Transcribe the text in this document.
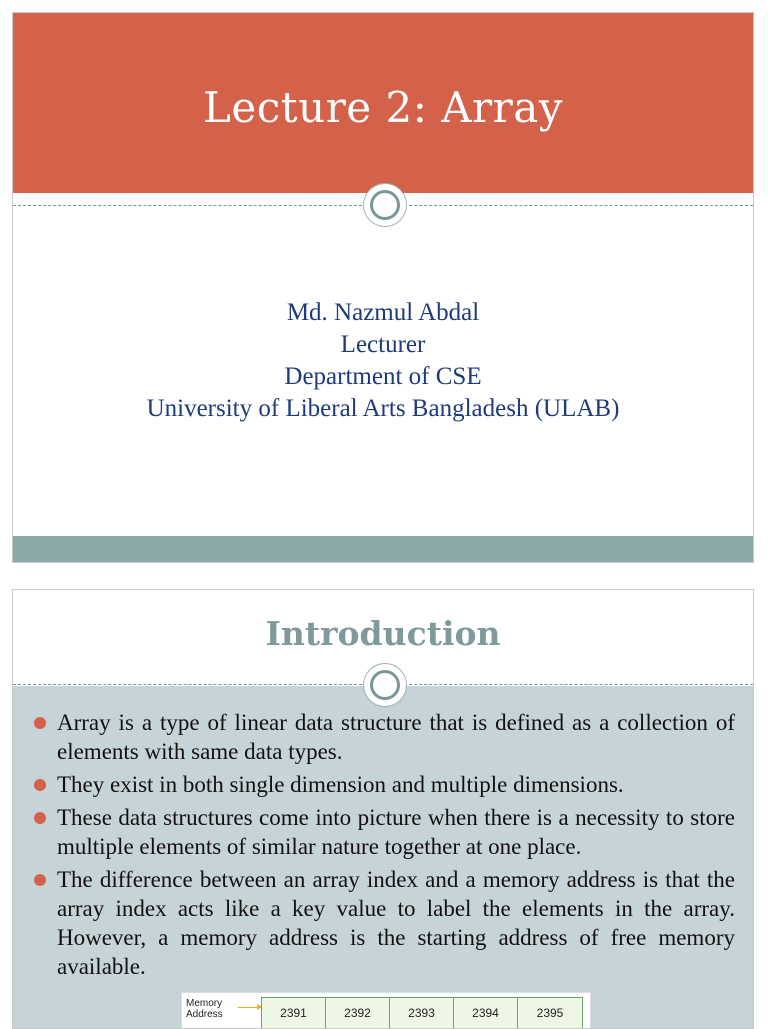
Lecture 2: Array
Md. Nazmul Abdal
Lecturer
Department of CSE
University of Liberal Arts Bangladesh (ULAB)
Introduction
Array is a type of linear data structure that is defined as a collection of elements with same data types.
They exist in both single dimension and multiple dimensions.
These data structures come into picture when there is a necessity to store multiple elements of similar nature together at one place.
The difference between an array index and a memory address is that the array index acts like a key value to label the elements in the array. However, a memory address is the starting address of free memory available.
Memory Address	2391	2392	2393	2394	2395
